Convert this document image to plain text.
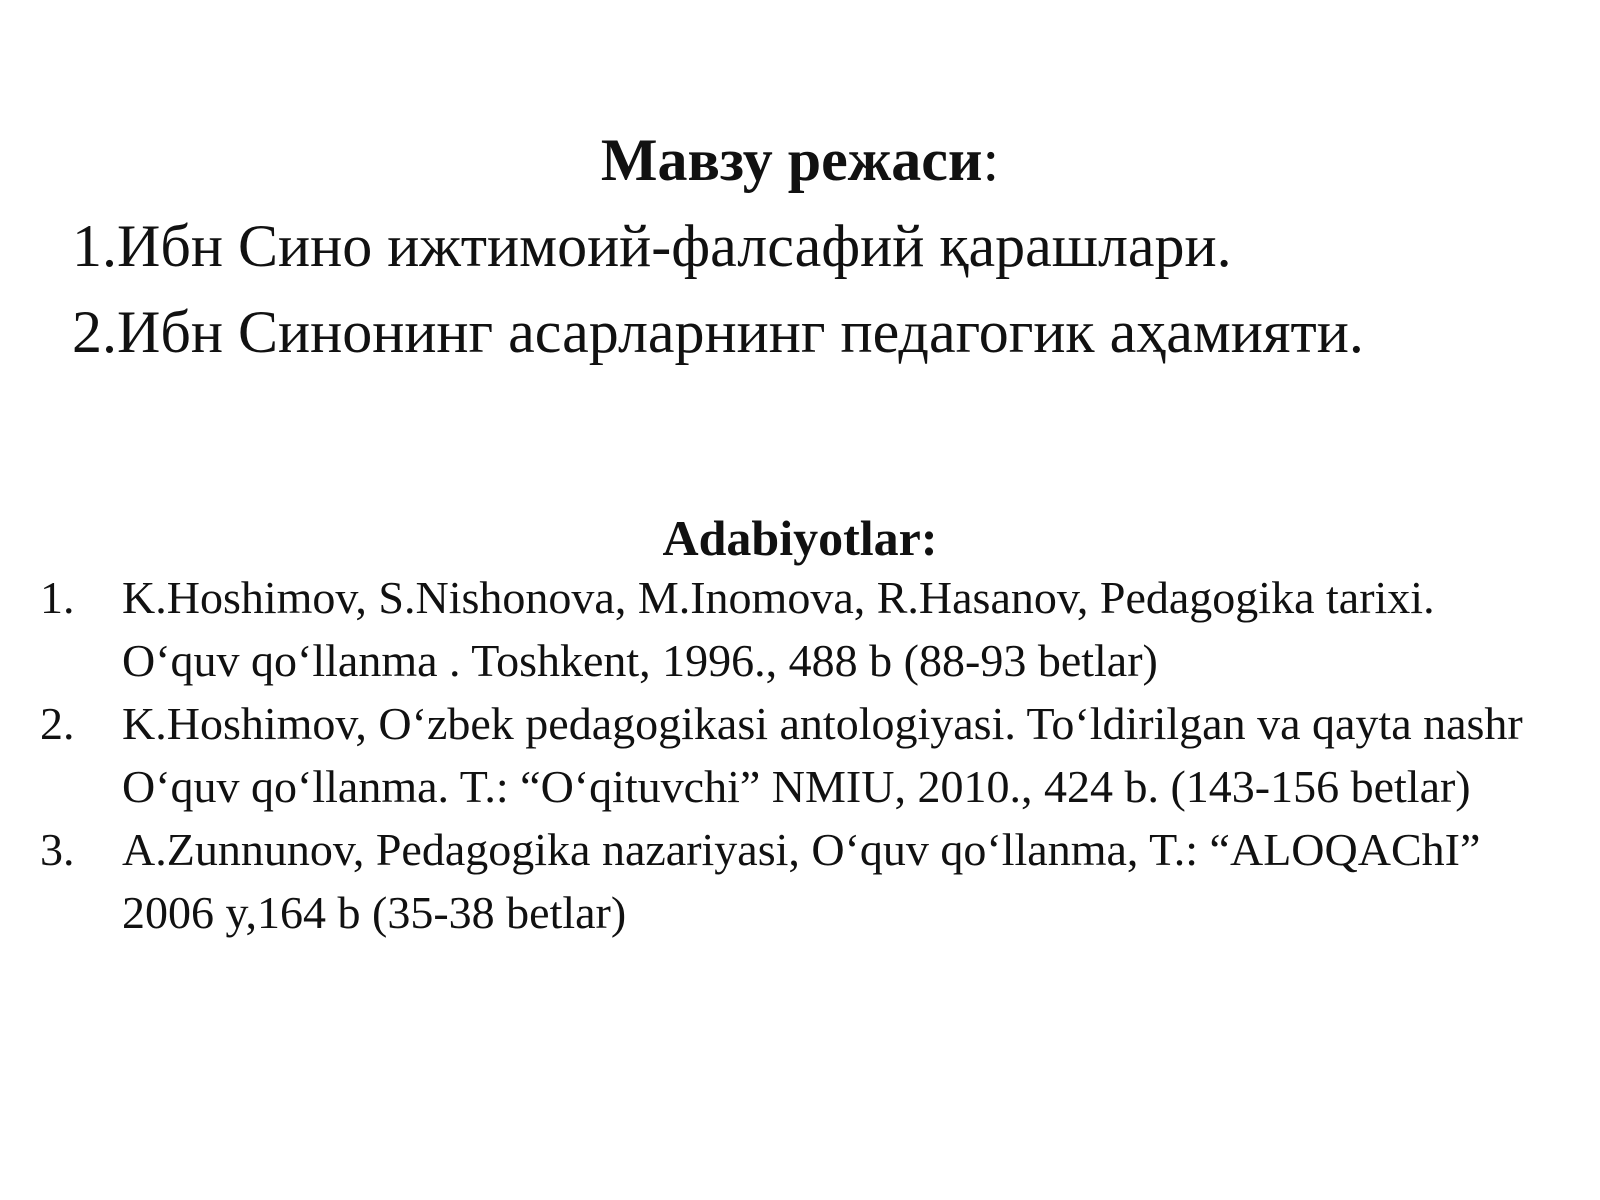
Мавзу режаси:
1.Ибн Сино ижтимоий-фалсафий қарашлари.
2.Ибн Синонинг асарларнинг педагогик аҳамияти.
Adabiyotlar:
1. K.Hoshimov, S.Nishonova, M.Inomova, R.Hasanov, Pedagogika tarixi. O‘quv qo‘llanma . Toshkent, 1996., 488 b (88-93 betlar)
2. K.Hoshimov, O‘zbek pedagogikasi antologiyasi. To‘ldirilgan va qayta nashr O‘quv qo‘llanma. T.: “O‘qituvchi” NMIU, 2010., 424 b. (143-156 betlar)
3. A.Zunnunov, Pedagogika nazariyasi, O‘quv qo‘llanma, T.: “ALOQAChI” 2006 y,164 b (35-38 betlar)
